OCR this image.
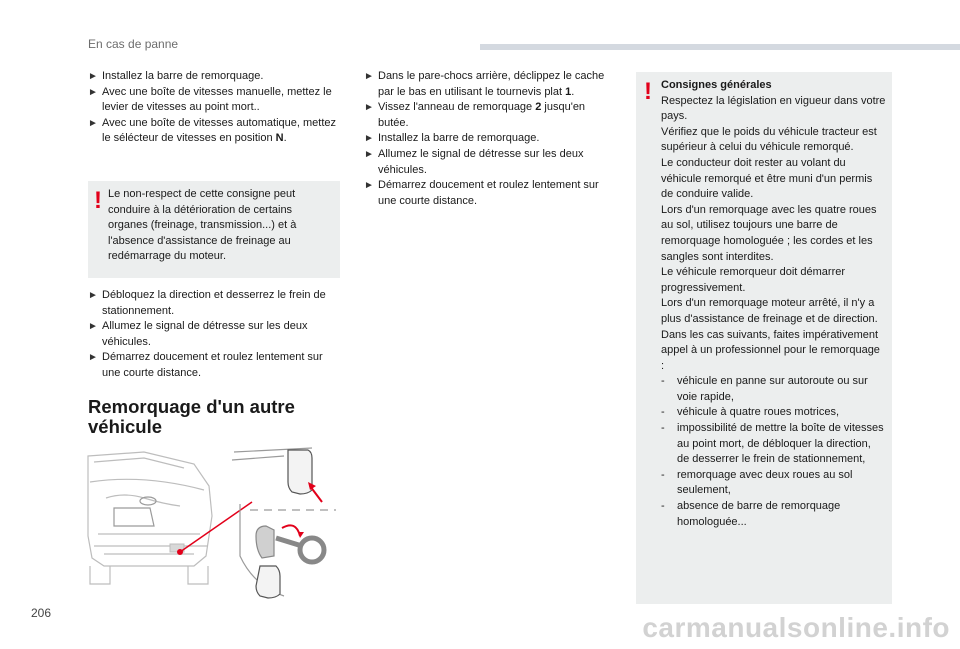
En cas de panne
► Installez la barre de remorquage.
► Avec une boîte de vitesses manuelle, mettez le levier de vitesses au point mort..
► Avec une boîte de vitesses automatique, mettez le sélécteur de vitesses en position N.
! Le non-respect de cette consigne peut conduire à la détérioration de certains organes (freinage, transmission...) et à l'absence d'assistance de freinage au redémarrage du moteur.
► Débloquez la direction et desserrez le frein de stationnement.
► Allumez le signal de détresse sur les deux véhicules.
► Démarrez doucement et roulez lentement sur une courte distance.
Remorquage d'un autre véhicule
► Dans le pare-chocs arrière, déclippez le cache par le bas en utilisant le tournevis plat 1.
► Vissez l'anneau de remorquage 2 jusqu'en butée.
► Installez la barre de remorquage.
► Allumez le signal de détresse sur les deux véhicules.
► Démarrez doucement et roulez lentement sur une courte distance.
! Consignes générales
Respectez la législation en vigueur dans votre pays.
Vérifiez que le poids du véhicule tracteur est supérieur à celui du véhicule remorqué.
Le conducteur doit rester au volant du véhicule remorqué et être muni d'un permis de conduire valide.
Lors d'un remorquage avec les quatre roues au sol, utilisez toujours une barre de remorquage homologuée ; les cordes et les sangles sont interdites.
Le véhicule remorqueur doit démarrer progressivement.
Lors d'un remorquage moteur arrêté, il n'y a plus d'assistance de freinage et de direction.
Dans les cas suivants, faites impérativement appel à un professionnel pour le remorquage :
- véhicule en panne sur autoroute ou sur voie rapide,
- véhicule à quatre roues motrices,
- impossibilité de mettre la boîte de vitesses au point mort, de débloquer la direction, de desserrer le frein de stationnement,
- remorquage avec deux roues au sol seulement,
- absence de barre de remorquage homologuée...
206	carmanualsonline.info
